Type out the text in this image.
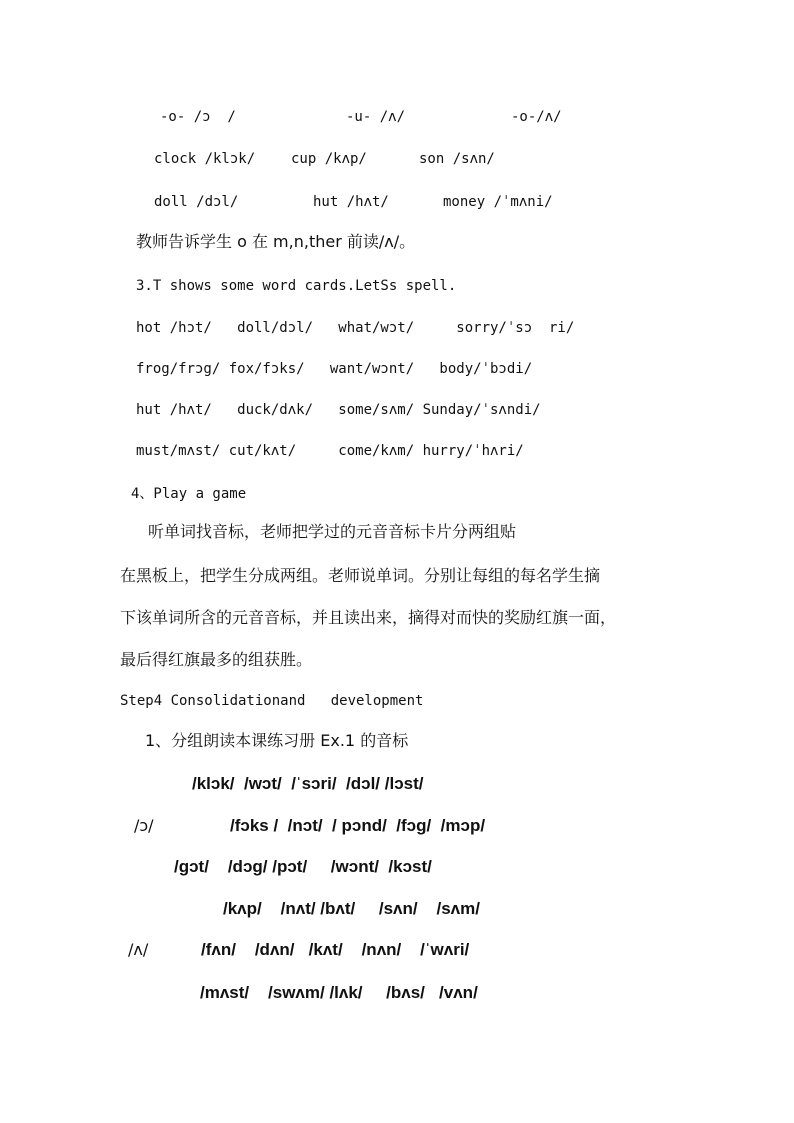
-o- /ɔ  /	-u- /ʌ/	-o-/ʌ/
clock /klɔk/	cup /kʌp/	son /sʌn/
doll /dɔl/	hut /hʌt/	money /ˈmʌni/
教师告诉学生 o 在 m,n,ther 前读/ʌ/。
3.T shows some word cards.LetSs spell.
hot /hɔt/   doll/dɔl/   what/wɔt/     sorry/ˈsɔ  ri/
frog/frɔg/ fox/fɔks/   want/wɔnt/   body/ˈbɔdi/
hut /hʌt/   duck/dʌk/   some/sʌm/ Sunday/ˈsʌndi/
must/mʌst/ cut/kʌt/     come/kʌm/ hurry/ˈhʌri/
4、Play a game
听单词找音标，老师把学过的元音音标卡片分两组贴
在黑板上，把学生分成两组。老师说单词。分别让每组的每名学生摘
下该单词所含的元音音标，并且读出来，摘得对而快的奖励红旗一面，
最后得红旗最多的组获胜。
Step4 Consolidationand   development
1、分组朗读本课练习册 Ex.1 的音标
/klɔk/  /wɔt/  /ˈsɔri/  /dɔl/ /lɔst/
/ɔ/	/fɔks /  /nɔt/  / pɔnd/  /fɔg/  /mɔp/
/gɔt/    /dɔg/ /pɔt/     /wɔnt/  /kɔst/
/kʌp/    /nʌt/ /bʌt/     /sʌn/    /sʌm/
/ʌ/	/fʌn/    /dʌn/   /kʌt/    /nʌn/    /ˈwʌri/
/mʌst/    /swʌm/ /lʌk/     /bʌs/   /vʌn/
